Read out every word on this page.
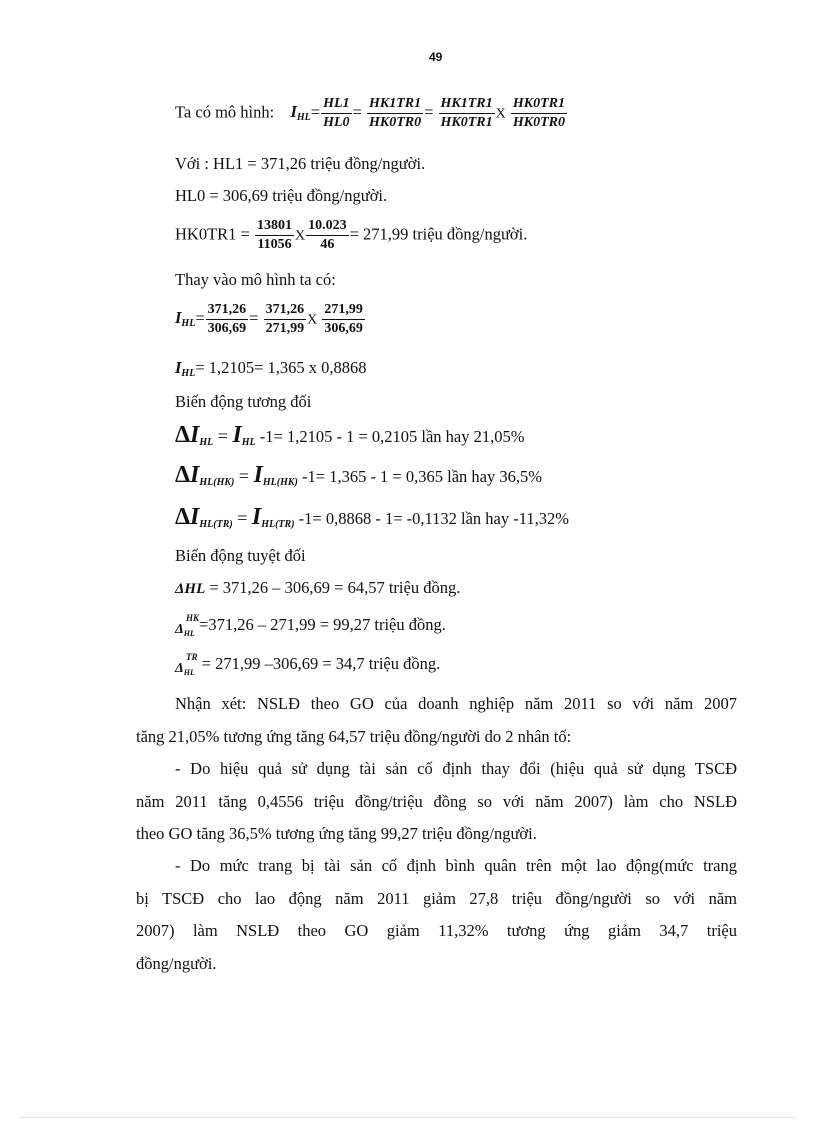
49
Ta có mô hình: $I_{HL}= \frac{HL1}{HL0} = \frac{HK1TR1}{HK0TR0} = \frac{HK1TR1}{HK0TR1}$ X $\frac{HK0TR1}{HK0TR0}$
Với : HL1 = 371,26 triệu đồng/người.
HL0 = 306,69 triệu đồng/người.
$HK0TR1 = \frac{13801}{11056}$ X $\frac{10.023}{46} = 271,99$ triệu đồng/người.
Thay vào mô hình ta có:
$I_{HL}= \frac{371,26}{306,69} = \frac{371,26}{271,99}$ X $\frac{271,99}{306,69}$
$I_{HL}= 1,2105= 1,365$ x 0,8868
Biến động tương đối
$\Delta I_{HL} = I_{HL}$ -1= 1,2105 - 1 = 0,2105 lần hay 21,05%
$\Delta I_{HL(HK)} = I_{HL(HK)}$ -1= 1,365 - 1 = 0,365 lần hay 36,5%
$\Delta I_{HL(TR)} = I_{HL(TR)}$ -1= 0,8868 - 1= -0,1132 lần hay -11,32%
Biến động tuyệt đối
ΔHL = 371,26 – 306,69 = 64,57 triệu đồng.
HK
$\Delta_{HL} =371,26 - 271,99 = 99,27$ triệu đồng.
TR
$\Delta_{HL} = 271,99$ –306,69 = 34,7 triệu đồng.
Nhận xét: NSLĐ theo GO của doanh nghiệp năm 2011 so với năm 2007
tăng 21,05% tương ứng tăng 64,57 triệu đồng/người do 2 nhân tố:
- Do hiệu quả sử dụng tài sản cố định thay đổi (hiệu quả sử dụng TSCĐ
năm 2011 tăng 0,4556 triệu đồng/triệu đồng so với năm 2007) làm cho NSLĐ
theo GO tăng 36,5% tương ứng tăng 99,27 triệu đồng/người.
- Do mức trang bị tài sản cố định bình quân trên một lao động(mức trang
bị TSCĐ cho lao động năm 2011 giảm 27,8 triệu đồng/người so với năm
2007) làm NSLĐ theo GO giảm 11,32% tương ứng giảm 34,7 triệu
đồng/người.
